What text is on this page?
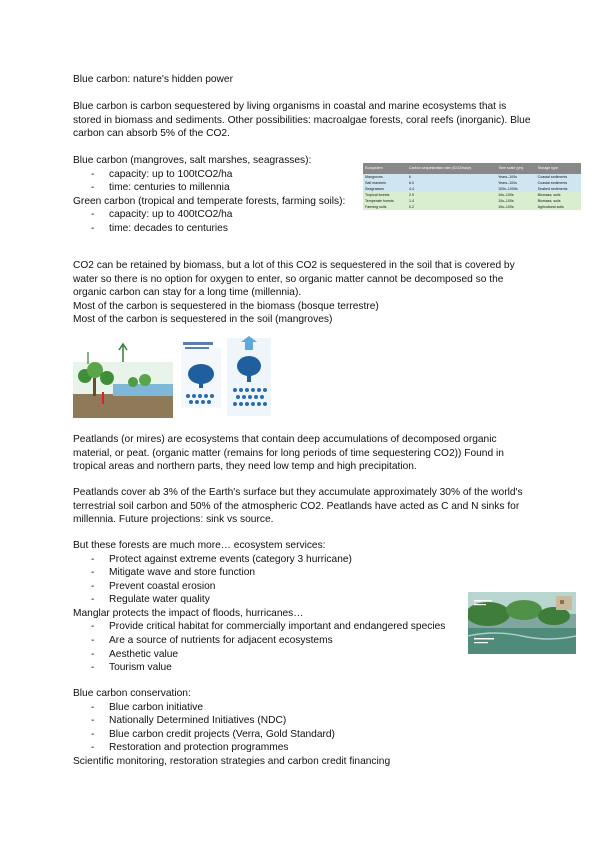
Blue carbon: nature's hidden power
Blue carbon is carbon sequestered by living organisms in coastal and marine ecosystems that is
stored in biomass and sediments. Other possibilities: macroalgae forests, coral reefs (inorganic). Blue
carbon can absorb 5% of the CO2.
Blue carbon (mangroves, salt marshes, seagrasses):
- capacity: up to 100tCO2/ha
- time: centuries to millennia
Green carbon (tropical and temperate forests, farming soils):
- capacity: up to 400tCO2/ha
- time: decades to centuries
Ecosystem	Carbon sequestration rate (tCO2/ha/yr)	Time scale (yrs)	Storage type
Mangroves	6	Years–100s	Coastal sediments
Salt marshes	6.0	Years–100s	Coastal sediments
Seagrasses	4.4	100s–1000s	Seabed sediments
Tropical forests	2.9	10s–100s	Biomass, soils
Temperate forests	1.4	10s–100s	Biomass, soils
Farming soils	0.2	10s–100s	Agricultural soils
CO2 can be retained by biomass, but a lot of this CO2 is sequestered in the soil that is covered by
water so there is no option for oxygen to enter, so organic matter cannot be decomposed so the
organic carbon can stay for a long time (millennia).
Most of the carbon is sequestered in the biomass (bosque terrestre)
Most of the carbon is sequestered in the soil (mangroves)
Peatlands (or mires) are ecosystems that contain deep accumulations of decomposed organic
material, or peat. (organic matter (remains for long periods of time sequestering CO2)) Found in
tropical areas and northern parts, they need low temp and high precipitation.
Peatlands cover ab 3% of the Earth's surface but they accumulate approximately 30% of the world's
terrestrial soil carbon and 50% of the atmospheric CO2. Peatlands have acted as C and N sinks for
millennia. Future projections: sink vs source.
But these forests are much more… ecosystem services:
- Protect against extreme events (category 3 hurricane)
- Mitigate wave and store function
- Prevent coastal erosion
- Regulate water quality
Manglar protects the impact of floods, hurricanes…
- Provide critical habitat for commercially important and endangered species
- Are a source of nutrients for adjacent ecosystems
- Aesthetic value
- Tourism value
Blue carbon conservation:
- Blue carbon initiative
- Nationally Determined Initiatives (NDC)
- Blue carbon credit projects (Verra, Gold Standard)
- Restoration and protection programmes
Scientific monitoring, restoration strategies and carbon credit financing
